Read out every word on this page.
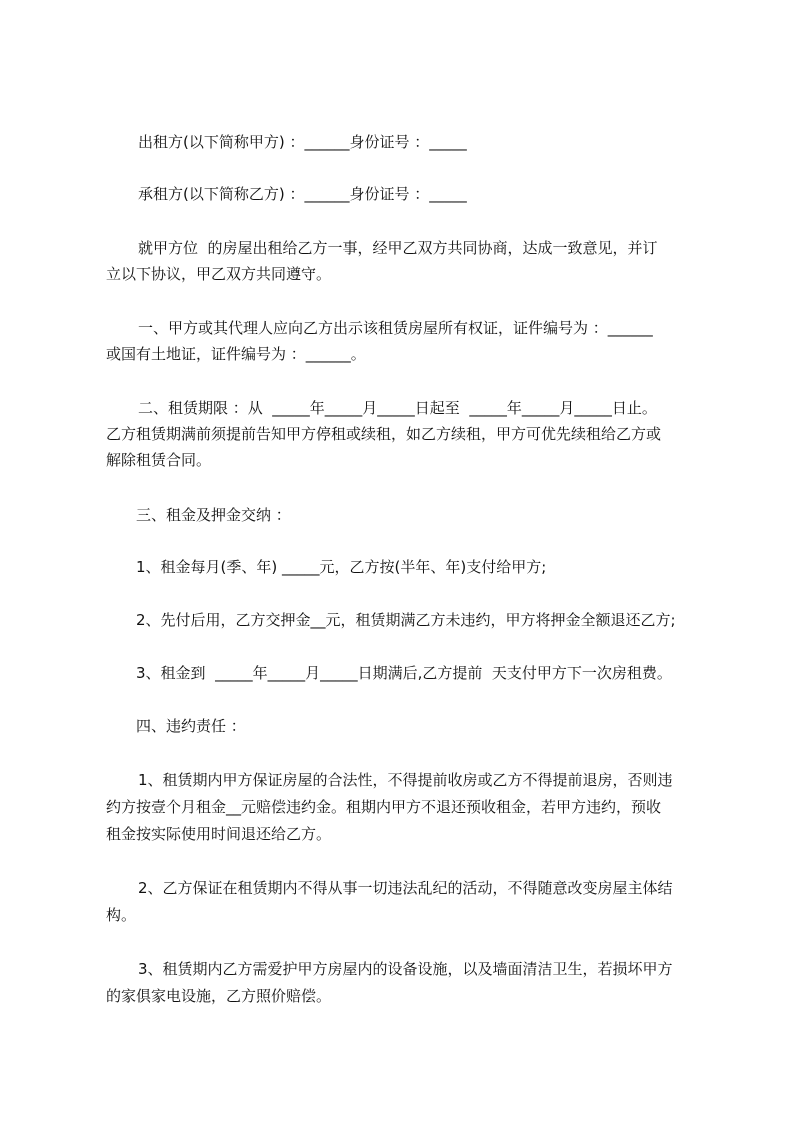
出租方(以下简称甲方) ：______身份证号 ：_____
承租方(以下简称乙方) ：______身份证号 ：_____
就甲方位  的房屋出租给乙方一事，经甲乙双方共同协商，达成一致意见，并订
立以下协议，甲乙双方共同遵守。
一、甲方或其代理人应向乙方出示该租赁房屋所有权证，证件编号为 ：______
或国有土地证，证件编号为 ：______。
二、租赁期限 ：从  _____年_____月_____日起至  _____年_____月_____日止。
乙方租赁期满前须提前告知甲方停租或续租，如乙方续租，甲方可优先续租给乙方或
解除租赁合同。
三、租金及押金交纳 ：
1、租金每月(季、年) _____元，乙方按(半年、年)支付给甲方;
2、先付后用，乙方交押金__元，租赁期满乙方未违约，甲方将押金全额退还乙方;
3、租金到  _____年_____月_____日期满后,乙方提前  天支付甲方下一次房租费。
四、违约责任 ：
1、租赁期内甲方保证房屋的合法性，不得提前收房或乙方不得提前退房，否则违
约方按壹个月租金__元赔偿违约金。租期内甲方不退还预收租金，若甲方违约，预收
租金按实际使用时间退还给乙方。
2、乙方保证在租赁期内不得从事一切违法乱纪的活动，不得随意改变房屋主体结
构。
3、租赁期内乙方需爱护甲方房屋内的设备设施，以及墙面清洁卫生，若损坏甲方
的家俱家电设施，乙方照价赔偿。
